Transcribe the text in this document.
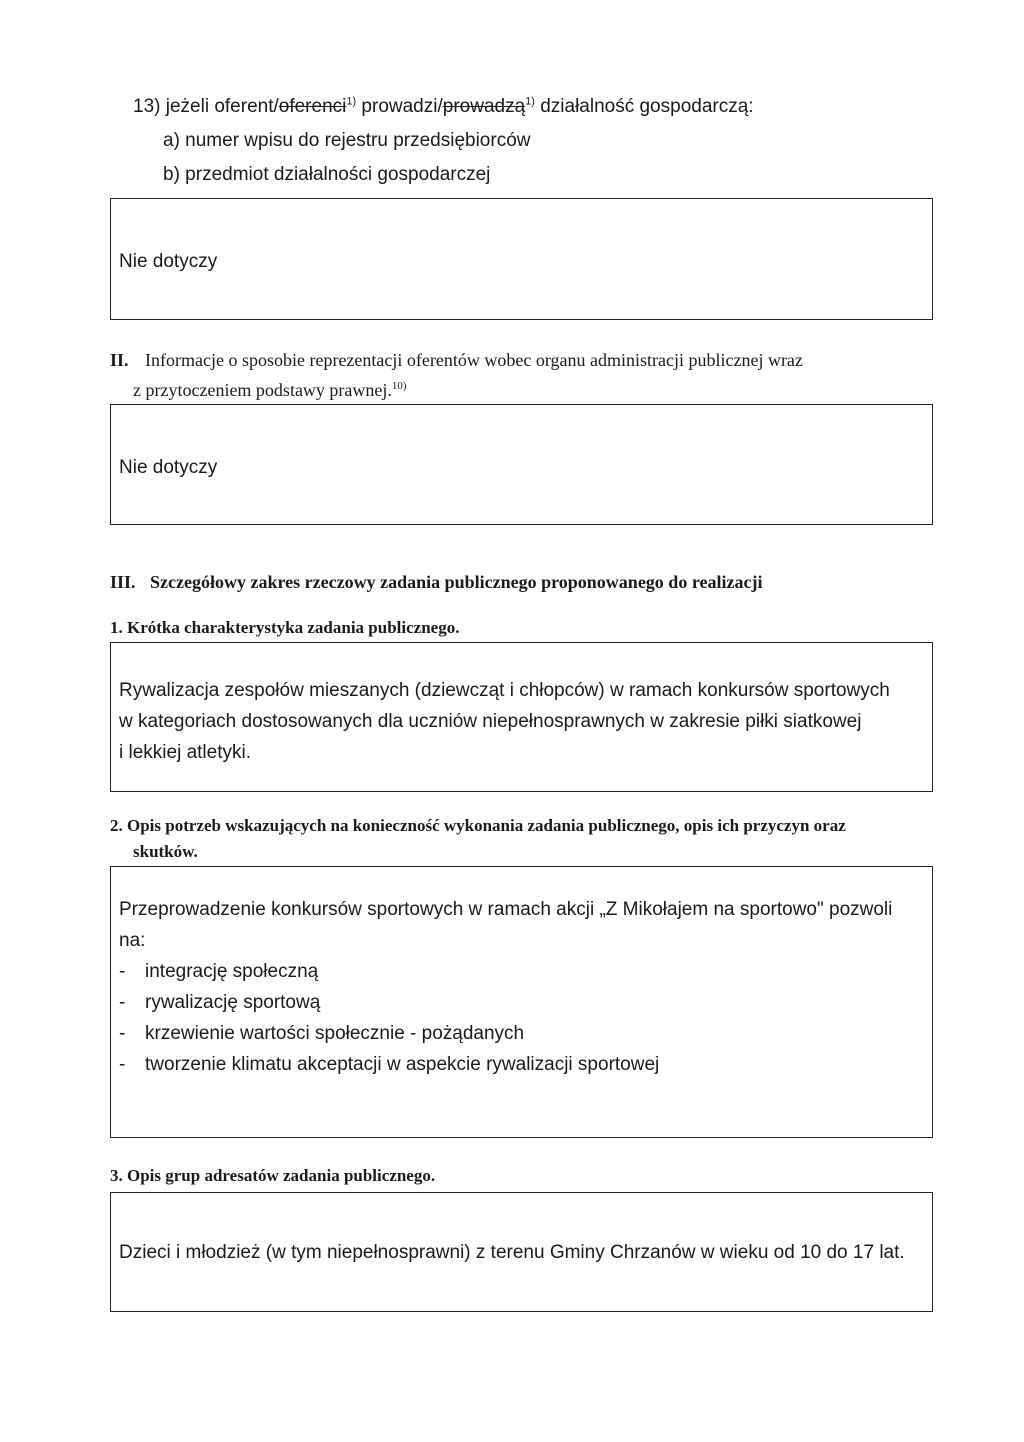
13) jeżeli oferent/oferenci$^{1)}$ prowadzi/prowadzą$^{1)}$ działalność gospodarczą:
a) numer wpisu do rejestru przedsiębiorców
b) przedmiot działalności gospodarczej
Nie dotyczy
II. Informacje o sposobie reprezentacji oferentów wobec organu administracji publicznej wraz
z przytoczeniem podstawy prawnej.$^{10)}$
Nie dotyczy
III. Szczegółowy zakres rzeczowy zadania publicznego proponowanego do realizacji
1. Krótka charakterystyka zadania publicznego.
Rywalizacja zespołów mieszanych (dziewcząt i chłopców) w ramach konkursów sportowych
w kategoriach dostosowanych dla uczniów niepełnosprawnych w zakresie piłki siatkowej
i lekkiej atletyki.
2. Opis potrzeb wskazujących na konieczność wykonania zadania publicznego, opis ich przyczyn oraz
skutków.
Przeprowadzenie konkursów sportowych w ramach akcji „Z Mikołajem na sportowo" pozwoli
na:
-	integrację społeczną
-	rywalizację sportową
-	krzewienie wartości społecznie - pożądanych
-	tworzenie klimatu akceptacji w aspekcie rywalizacji sportowej
3. Opis grup adresatów zadania publicznego.
Dzieci i młodzież (w tym niepełnosprawni) z terenu Gminy Chrzanów w wieku od 10 do 17 lat.
